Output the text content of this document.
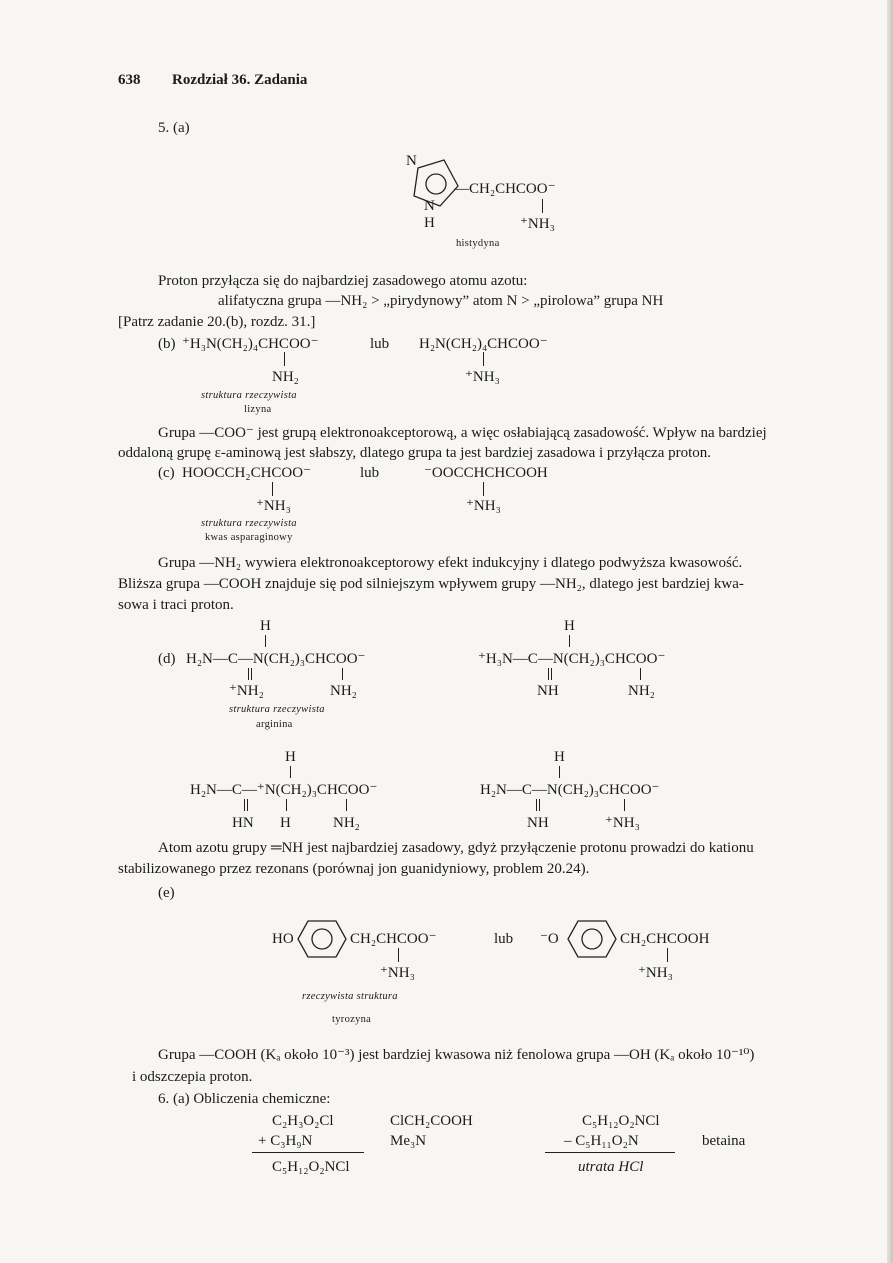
638 Rozdział 36. Zadania
5. (a)
N
N
H
—CH₂CHCOO⁻
⁺NH₃
histydyna
Proton przyłącza się do najbardziej zasadowego atomu azotu:
alifatyczna grupa —NH₂ > „pirydynowy” atom N > „pirolowa” grupa NH
[Patrz zadanie 20.(b), rozdz. 31.]
(b) ⁺H₃N(CH₂)₄CHCOO⁻	lub H₂N(CH₂)₄CHCOO⁻
NH₂	⁺NH₃
struktura rzeczywista
lizyna
Grupa —COO⁻ jest grupą elektronoakceptorową, a więc osłabiającą zasadowość. Wpływ na bardziej
oddaloną grupę ε-aminową jest słabszy, dlatego grupa ta jest bardziej zasadowa i przyłącza proton.
(c) HOOCCH₂CHCOO⁻	lub	⁻OOCCHCHCOOH
⁺NH₃	⁺NH₃
struktura rzeczywista
kwas asparaginowy
Grupa —NH₂ wywiera elektronoakceptorowy efekt indukcyjny i dlatego podwyższa kwasowość.
Bliższa grupa —COOH znajduje się pod silniejszym wpływem grupy —NH₂, dlatego jest bardziej kwa-
sowa i traci proton.
H
(d) H₂N—C—N(CH₂)₃CHCOO⁻
⁺NH₂	NH₂
H
⁺H₃N—C—N(CH₂)₃CHCOO⁻
NH	NH₂
struktura rzeczywista
arginina
H
H₂N—C—⁺N(CH₂)₃CHCOO⁻
HN H	NH₂
H
H₂N—C—N(CH₂)₃CHCOO⁻
NH	⁺NH₃
Atom azotu grupy ═NH jest najbardziej zasadowy, gdyż przyłączenie protonu prowadzi do kationu
stabilizowanego przez rezonans (porównaj jon guanidyniowy, problem 20.24).
(e)
HO	CH₂CHCOO⁻	lub ⁻O	CH₂CHCOOH
⁺NH₃	⁺NH₃
rzeczywista struktura
tyrozyna
Grupa —COOH (Kₐ około 10⁻³) jest bardziej kwasowa niż fenolowa grupa —OH (Kₐ około 10⁻¹⁰)
i odszczepia proton.
6. (a) Obliczenia chemiczne:
C₂H₃O₂Cl
+ C₃H₉N
C₅H₁₂O₂NCl
ClCH₂COOH
Me₃N
C₅H₁₂O₂NCl
– C₅H₁₁O₂N
utrata HCl
betaina
